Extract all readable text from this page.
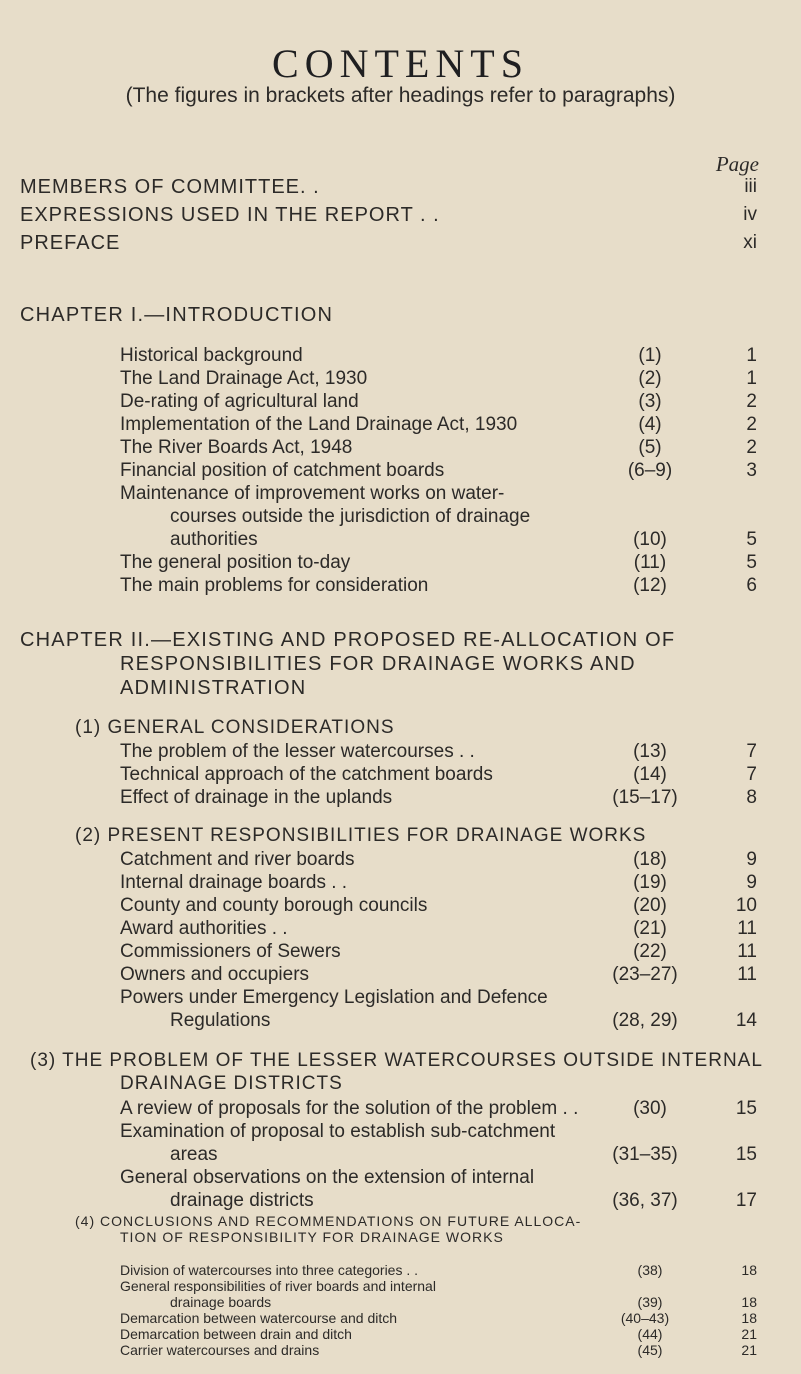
CONTENTS
(The figures in brackets after headings refer to paragraphs)
Page
MEMBERS OF COMMITTEE. .	iii
EXPRESSIONS USED IN THE REPORT . .	iv
PREFACE	xi
CHAPTER I.—INTRODUCTION
Historical background	(1)	1
The Land Drainage Act, 1930	(2)	1
De-rating of agricultural land	(3)	2
Implementation of the Land Drainage Act, 1930	(4)	2
The River Boards Act, 1948	(5)	2
Financial position of catchment boards	(6–9)	3
Maintenance of improvement works on water-
courses outside the jurisdiction of drainage
authorities	(10)	5
The general position to-day	(11)	5
The main problems for consideration	(12)	6
CHAPTER II.—EXISTING AND PROPOSED RE-ALLOCATION OF
RESPONSIBILITIES FOR DRAINAGE WORKS AND
ADMINISTRATION
(1) GENERAL CONSIDERATIONS
The problem of the lesser watercourses . .	(13)	7
Technical approach of the catchment boards	(14)	7
Effect of drainage in the uplands	(15–17)	8
(2) PRESENT RESPONSIBILITIES FOR DRAINAGE WORKS
Catchment and river boards	(18)	9
Internal drainage boards . .	(19)	9
County and county borough councils	(20)	10
Award authorities . .	(21)	11
Commissioners of Sewers	(22)	11
Owners and occupiers	(23–27)	11
Powers under Emergency Legislation and Defence
Regulations	(28, 29)	14
(3) THE PROBLEM OF THE LESSER WATERCOURSES OUTSIDE INTERNAL
DRAINAGE DISTRICTS
A review of proposals for the solution of the problem . .	(30)	15
Examination of proposal to establish sub-catchment
areas	(31–35)	15
General observations on the extension of internal
drainage districts	(36, 37)	17
(4) CONCLUSIONS AND RECOMMENDATIONS ON FUTURE ALLOCA-
TION OF RESPONSIBILITY FOR DRAINAGE WORKS
Division of watercourses into three categories . .	(38)	18
General responsibilities of river boards and internal
drainage boards	(39)	18
Demarcation between watercourse and ditch	(40–43)	18
Demarcation between drain and ditch	(44)	21
Carrier watercourses and drains	(45)	21
